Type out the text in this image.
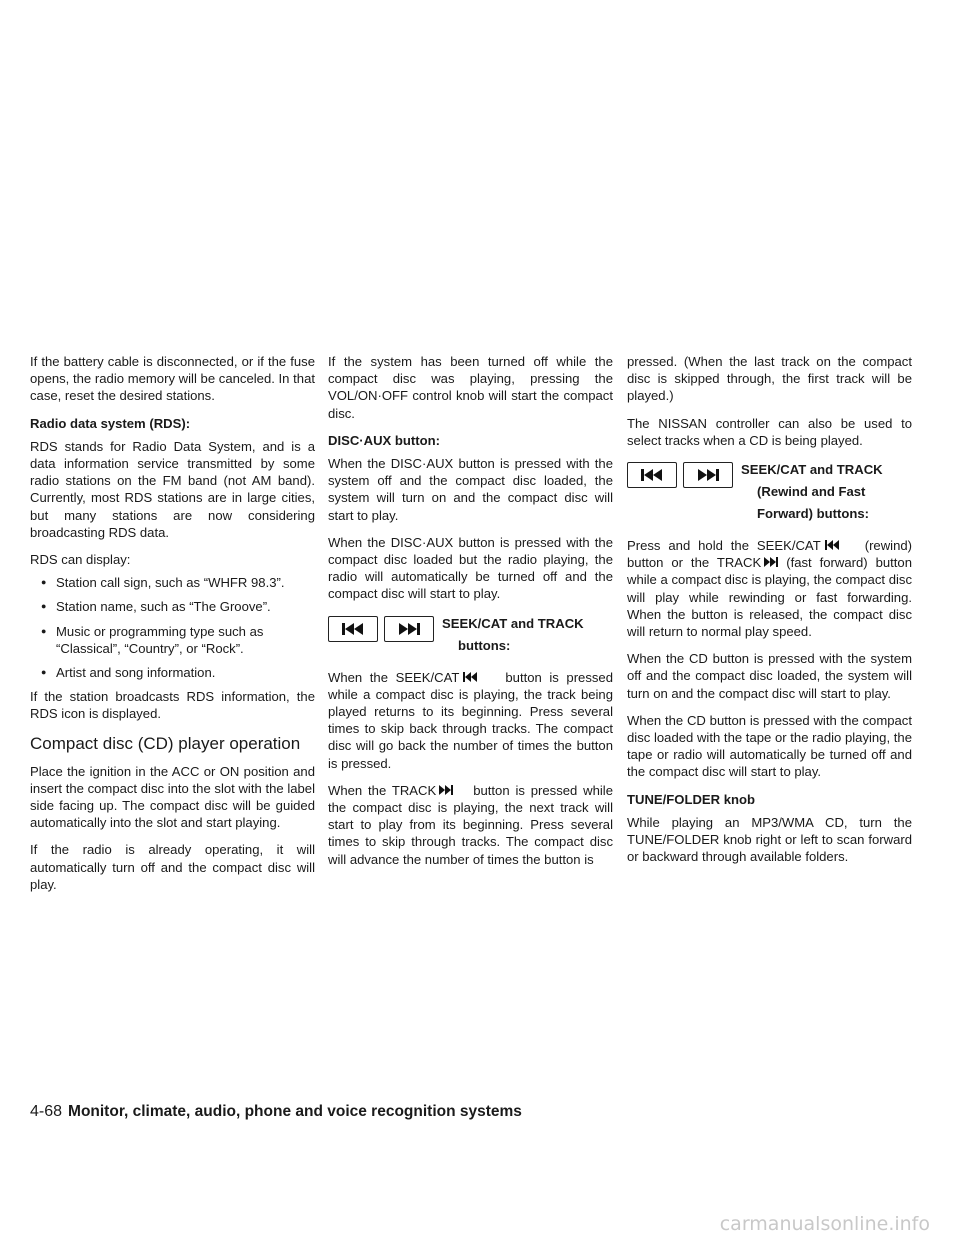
If the battery cable is disconnected, or if the fuse opens, the radio memory will be canceled. In that case, reset the desired stations.

Radio data system (RDS):

RDS stands for Radio Data System, and is a data information service transmitted by some radio stations on the FM band (not AM band). Currently, most RDS stations are in large cities, but many stations are now considering broadcasting RDS data.

RDS can display:

● Station call sign, such as “WHFR 98.3”.
● Station name, such as “The Groove”.
● Music or programming type such as “Classical”, “Country”, or “Rock”.
● Artist and song information.

If the station broadcasts RDS information, the RDS icon is displayed.

Compact disc (CD) player operation

Place the ignition in the ACC or ON position and insert the compact disc into the slot with the label side facing up. The compact disc will be guided automatically into the slot and start playing.

If the radio is already operating, it will automatically turn off and the compact disc will play.

If the system has been turned off while the compact disc was playing, pressing the VOL/ON·OFF control knob will start the compact disc.

DISC·AUX button:

When the DISC·AUX button is pressed with the system off and the compact disc loaded, the system will turn on and the compact disc will start to play.

When the DISC·AUX button is pressed with the compact disc loaded but the radio playing, the radio will automatically be turned off and the compact disc will start to play.

SEEK/CAT and TRACK
buttons:

When the SEEK/CAT	button is pressed while a compact disc is playing, the track being played returns to its beginning. Press several times to skip back through tracks. The compact disc will go back the number of times the button is pressed.

When the TRACK	button is pressed while the compact disc is playing, the next track will start to play from its beginning. Press several times to skip through tracks. The compact disc will advance the number of times the button is

pressed. (When the last track on the compact disc is skipped through, the first track will be played.)

The NISSAN controller can also be used to select tracks when a CD is being played.

SEEK/CAT and TRACK
(Rewind and Fast
Forward) buttons:

Press and hold the SEEK/CAT	(rewind) button or the TRACK (fast forward) button while a compact disc is playing, the compact disc will play while rewinding or fast forwarding. When the button is released, the compact disc will return to normal play speed.

When the CD button is pressed with the system off and the compact disc loaded, the system will turn on and the compact disc will start to play.

When the CD button is pressed with the compact disc loaded with the tape or the radio playing, the tape or radio will automatically be turned off and the compact disc will start to play.

TUNE/FOLDER knob

While playing an MP3/WMA CD, turn the TUNE/FOLDER knob right or left to scan forward or backward through available folders.

4-68 Monitor, climate, audio, phone and voice recognition systems
carmanualsonline.info
